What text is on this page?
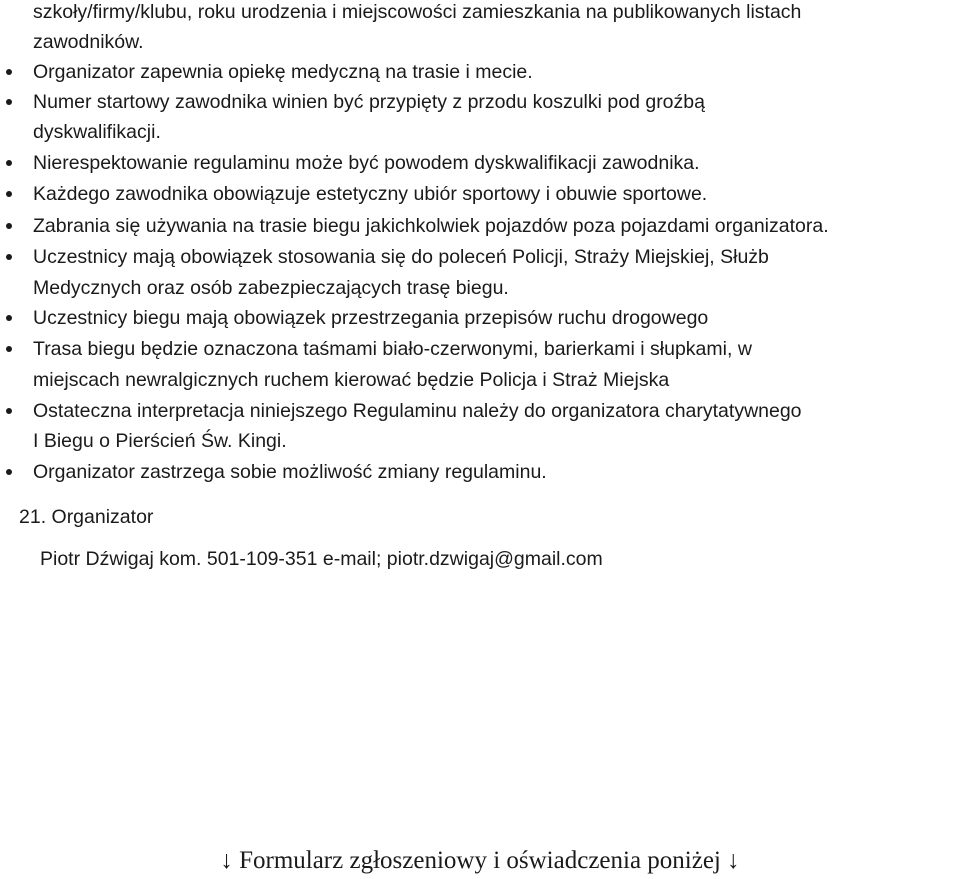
szkoły/firmy/klubu, roku urodzenia i miejscowości zamieszkania na publikowanych listach
zawodników.
Organizator zapewnia opiekę medyczną na trasie i mecie.
Numer startowy zawodnika winien być przypięty z przodu koszulki pod groźbą
dyskwalifikacji.
Nierespektowanie regulaminu może być powodem dyskwalifikacji zawodnika.
Każdego zawodnika obowiązuje estetyczny ubiór sportowy i obuwie sportowe.
Zabrania się używania na trasie biegu jakichkolwiek pojazdów poza pojazdami organizatora.
Uczestnicy mają obowiązek stosowania się do poleceń Policji, Straży Miejskiej, Służb
Medycznych oraz osób zabezpieczających trasę biegu.
Uczestnicy biegu mają obowiązek przestrzegania przepisów ruchu drogowego
Trasa biegu będzie oznaczona taśmami biało-czerwonymi, barierkami i słupkami, w
miejscach newralgicznych ruchem kierować będzie Policja i Straż Miejska
Ostateczna interpretacja niniejszego Regulaminu należy do organizatora charytatywnego
I Biegu o Pierścień Św. Kingi.
Organizator zastrzega sobie możliwość zmiany regulaminu.
21. Organizator
Piotr Dźwigaj kom. 501-109-351 e-mail; piotr.dzwigaj@gmail.com
↓ Formularz zgłoszeniowy i oświadczenia poniżej ↓
